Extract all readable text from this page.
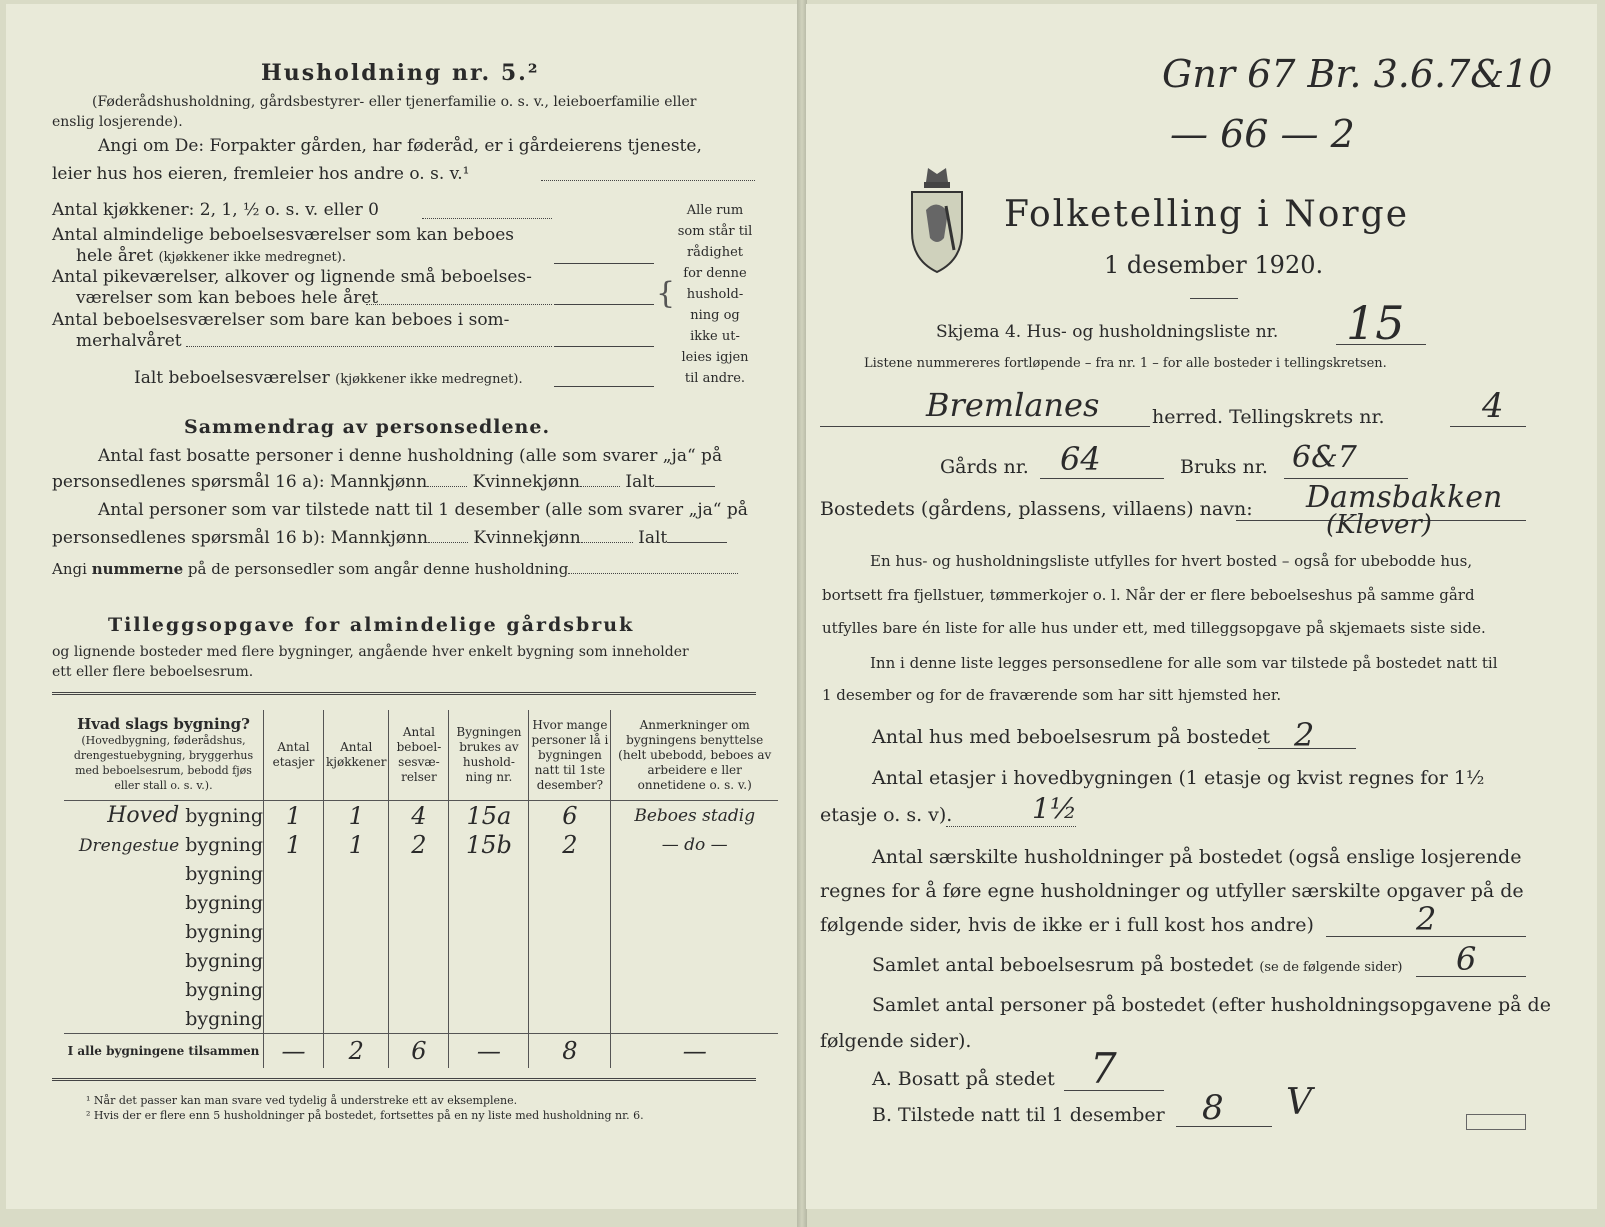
Husholdning nr. 5.²
(Føderådshusholdning, gårdsbestyrer- eller tjenerfamilie o. s. v., leieboerfamilie eller
enslig losjerende).
Angi om De: Forpakter gården, har føderåd, er i gårdeierens tjeneste,
leier hus hos eieren, fremleier hos andre o. s. v.¹
Antal kjøkkener: 2, 1, ½ o. s. v. eller 0
Antal almindelige beboelsesværelser som kan beboes
hele året (kjøkkener ikke medregnet).
Antal pikeværelser, alkover og lignende små beboelses-
værelser som kan beboes hele året
Antal beboelsesværelser som bare kan beboes i som-
merhalvåret
Ialt beboelsesværelser (kjøkkener ikke medregnet).
{
Alle rum
som står til
rådighet
for denne
hushold-
ning og
ikke ut-
leies igjen
til andre.
Sammendrag av personsedlene.
Antal fast bosatte personer i denne husholdning (alle som svarer „ja“ på
personsedlenes spørsmål 16 a): Mannkjønn	Kvinnekjønn	Ialt
Antal personer som var tilstede natt til 1 desember (alle som svarer „ja“ på
personsedlenes spørsmål 16 b): Mannkjønn	Kvinnekjønn	Ialt
Angi nummerne på de personsedler som angår denne husholdning
Tilleggsopgave for almindelige gårdsbruk
og lignende bosteder med flere bygninger, angående hver enkelt bygning som inneholder
ett eller flere beboelsesrum.
Hvad slags bygning?

(Hovedbygning, føderådshus, drengestuebygning, bryggerhus med beboelsesrum, bebodd fjøs eller stall o. s. v.).	Antal etasjer	Antal kjøkkener	Antal beboel-sesvæ-relser	Bygningen brukes av hushold-ning nr.	Hvor mange personer lå i bygningen natt til 1ste desember?	Anmerkninger om bygningens benyttelse (helt ubebodd, beboes av arbeidere e ller onnetidene o. s. v.)
Hoved bygning	1	1	4	15a	6	Beboes stadig
Drengestue bygning	1	1	2	15b	2	— do —
bygning						
bygning						
bygning						
bygning						
bygning						
bygning						
I alle bygningene tilsammen	—	2	6	—	8	—
¹ Når det passer kan man svare ved tydelig å understreke ett av eksemplene.
² Hvis der er flere enn 5 husholdninger på bostedet, fortsettes på en ny liste med husholdning nr. 6.
Gnr 67 Br. 3.6.7&10
— 66 — 2
Folketelling i Norge
1 desember 1920.
Skjema 4. Hus- og husholdningsliste nr. 15
Listene nummereres fortløpende – fra nr. 1 – for alle bosteder i tellingskretsen.
Bremlanes	herred. Tellingskrets nr.	4
Gårds nr. 64	Bruks nr. 6&7
Bostedets (gårdens, plassens, villaens) navn: Damsbakken
(Klever)
En hus- og husholdningsliste utfylles for hvert bosted – også for ubebodde hus,
bortsett fra fjellstuer, tømmerkojer o. l. Når der er flere beboelseshus på samme gård
utfylles bare én liste for alle hus under ett, med tilleggsopgave på skjemaets siste side.
Inn i denne liste legges personsedlene for alle som var tilstede på bostedet natt til
1 desember og for de fraværende som har sitt hjemsted her.
Antal hus med beboelsesrum på bostedet 2
Antal etasjer i hovedbygningen (1 etasje og kvist regnes for 1½
etasje o. s. v).	1½
Antal særskilte husholdninger på bostedet (også enslige losjerende
regnes for å føre egne husholdninger og utfyller særskilte opgaver på de
følgende sider, hvis de ikke er i full kost hos andre)	2
Samlet antal beboelsesrum på bostedet (se de følgende sider) 6
Samlet antal personer på bostedet (efter husholdningsopgavene på de
følgende sider).
A. Bosatt på stedet 7
B. Tilstede natt til 1 desember 8 V
